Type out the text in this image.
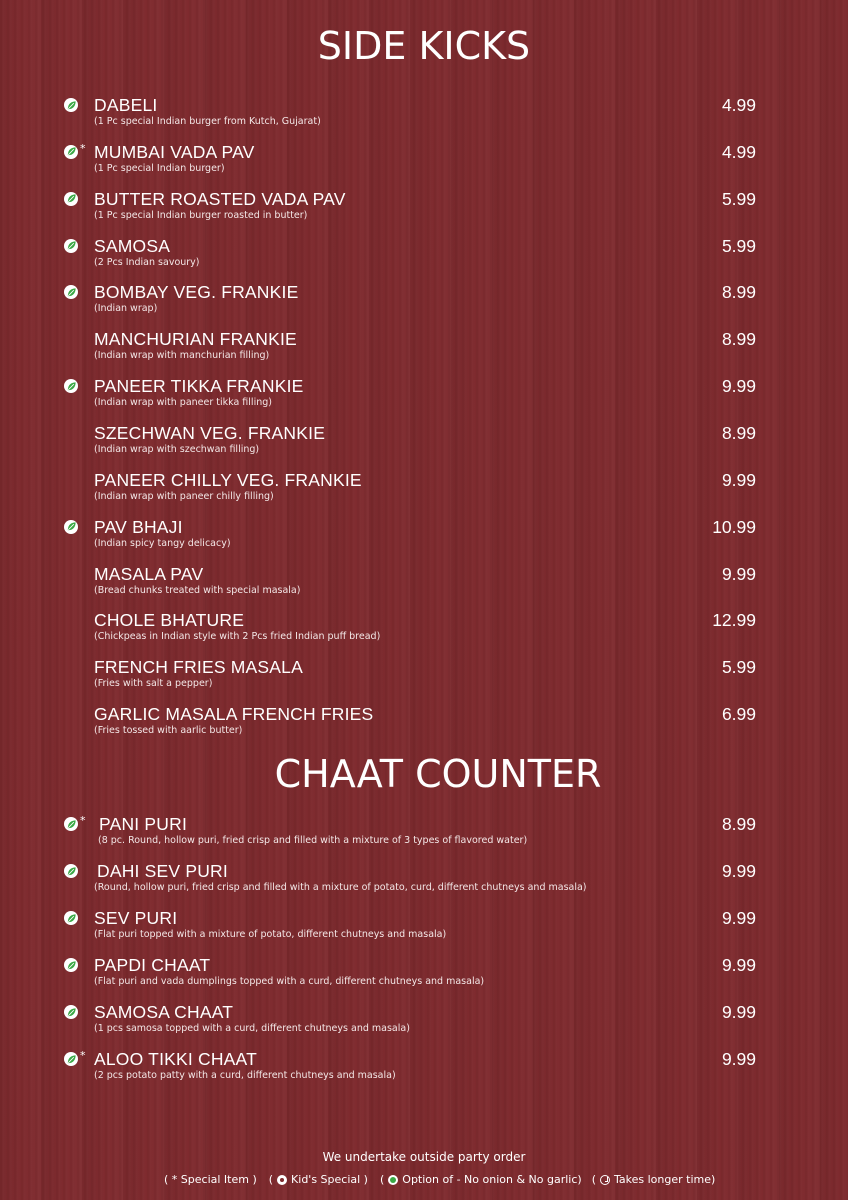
SIDE KICKS
DABELI
(1 Pc special Indian burger from Kutch, Gujarat)
4.99
* MUMBAI VADA PAV
(1 Pc special Indian burger)
4.99
BUTTER ROASTED VADA PAV
(1 Pc special Indian burger roasted in butter)
5.99
SAMOSA
(2 Pcs Indian savoury)
5.99
BOMBAY VEG. FRANKIE
(Indian wrap)
8.99
MANCHURIAN FRANKIE
(Indian wrap with manchurian filling)
8.99
PANEER TIKKA FRANKIE
(Indian wrap with paneer tikka filling)
9.99
SZECHWAN VEG. FRANKIE
(Indian wrap with szechwan filling)
8.99
PANEER CHILLY VEG. FRANKIE
(Indian wrap with paneer chilly filling)
9.99
PAV BHAJI
(Indian spicy tangy delicacy)
10.99
MASALA PAV
(Bread chunks treated with special masala)
9.99
CHOLE BHATURE
(Chickpeas in Indian style with 2 Pcs fried Indian puff bread)
12.99
FRENCH FRIES MASALA
(Fries with salt a pepper)
5.99
GARLIC MASALA FRENCH FRIES
(Fries tossed with aarlic butter)
6.99
CHAAT COUNTER
* PANI PURI
(8 pc. Round, hollow puri, fried crisp and filled with a mixture of 3 types of flavored water)
8.99
DAHI SEV PURI
(Round, hollow puri, fried crisp and filled with a mixture of potato, curd, different chutneys and masala)
9.99
SEV PURI
(Flat puri topped with a mixture of potato, different chutneys and masala)
9.99
PAPDI CHAAT
(Flat puri and vada dumplings topped with a curd, different chutneys and masala)
9.99
SAMOSA CHAAT
(1 pcs samosa topped with a curd, different chutneys and masala)
9.99
* ALOO TIKKI CHAAT
(2 pcs potato patty with a curd, different chutneys and masala)
9.99
We undertake outside party order
( * Special Item ) ( Kid's Special ) ( Option of - No onion & No garlic) ( Takes longer time)
